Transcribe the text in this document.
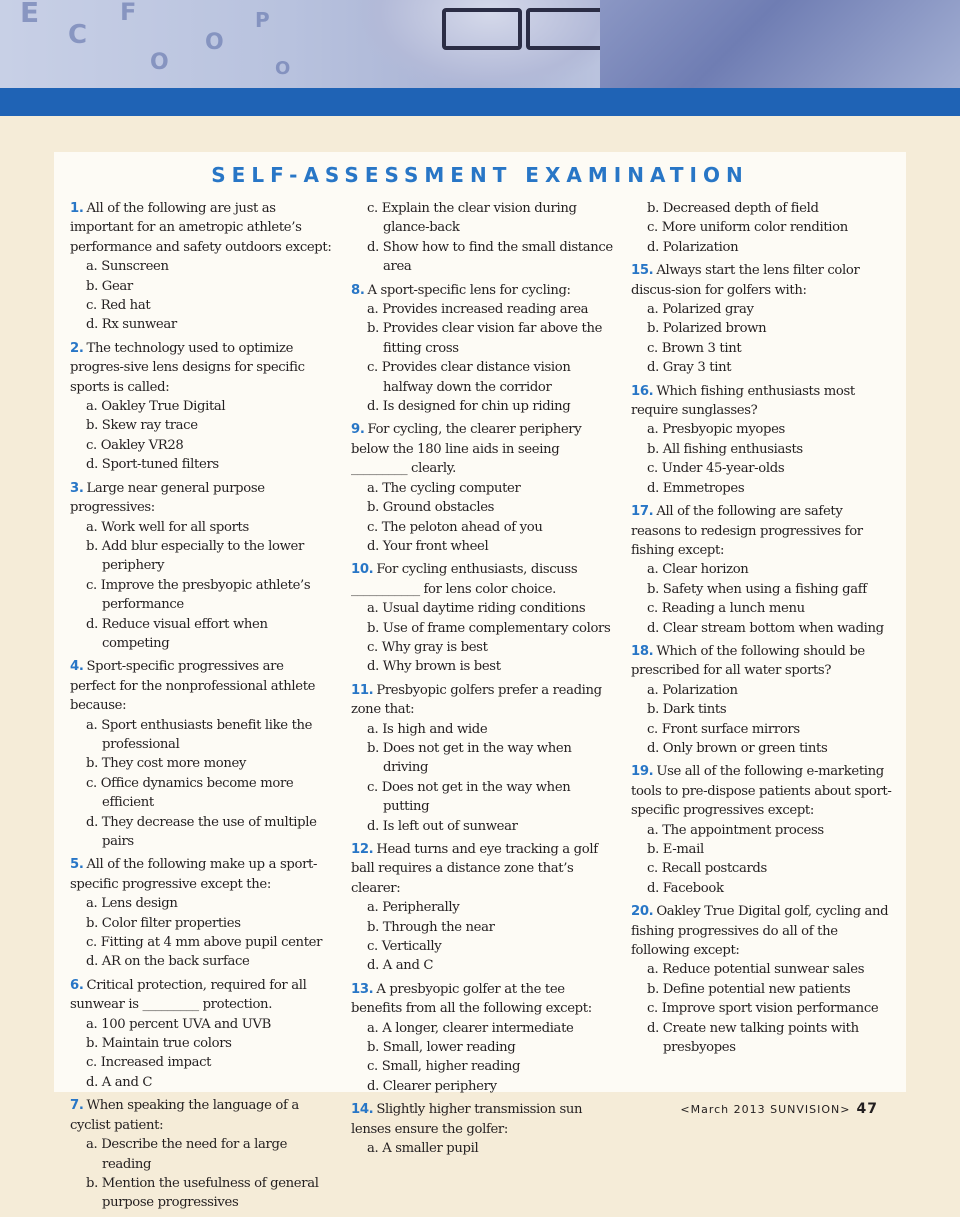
E
C
F
O
O
P
O
SELF-ASSESSMENT EXAMINATION
1. All of the following are just as important for an ametropic athlete’s performance and safety outdoors except:
a. Sunscreen
b. Gear
c. Red hat
d. Rx sunwear
2. The technology used to optimize progres-sive lens designs for specific sports is called:
a. Oakley True Digital
b. Skew ray trace
c. Oakley VR28
d. Sport-tuned filters
3. Large near general purpose progressives:
a. Work well for all sports
b. Add blur especially to the lower periphery
c. Improve the presbyopic athlete’s performance
d. Reduce visual effort when competing
4. Sport-specific progressives are perfect for the nonprofessional athlete because:
a. Sport enthusiasts benefit like the professional
b. They cost more money
c. Office dynamics become more efficient
d. They decrease the use of multiple pairs
5. All of the following make up a sport-specific progressive except the:
a. Lens design
b. Color filter properties
c. Fitting at 4 mm above pupil center
d. AR on the back surface
6. Critical protection, required for all sunwear is _________ protection.
a. 100 percent UVA and UVB
b. Maintain true colors
c. Increased impact
d. A and C
7. When speaking the language of a cyclist patient:
a. Describe the need for a large reading
b. Mention the usefulness of general purpose progressives
c. Explain the clear vision during glance-back
d. Show how to find the small distance area
8. A sport-specific lens for cycling:
a. Provides increased reading area
b. Provides clear vision far above the fitting cross
c. Provides clear distance vision halfway down the corridor
d. Is designed for chin up riding
9. For cycling, the clearer periphery below the 180 line aids in seeing _________ clearly.
a. The cycling computer
b. Ground obstacles
c. The peloton ahead of you
d. Your front wheel
10. For cycling enthusiasts, discuss ___________ for lens color choice.
a. Usual daytime riding conditions
b. Use of frame complementary colors
c. Why gray is best
d. Why brown is best
11. Presbyopic golfers prefer a reading zone that:
a. Is high and wide
b. Does not get in the way when driving
c. Does not get in the way when putting
d. Is left out of sunwear
12. Head turns and eye tracking a golf ball requires a distance zone that’s clearer:
a. Peripherally
b. Through the near
c. Vertically
d. A and C
13. A presbyopic golfer at the tee benefits from all the following except:
a. A longer, clearer intermediate
b. Small, lower reading
c. Small, higher reading
d. Clearer periphery
14. Slightly higher transmission sun lenses ensure the golfer:
a. A smaller pupil
b. Decreased depth of field
c. More uniform color rendition
d. Polarization
15. Always start the lens filter color discus-sion for golfers with:
a. Polarized gray
b. Polarized brown
c. Brown 3 tint
d. Gray 3 tint
16. Which fishing enthusiasts most require sunglasses?
a. Presbyopic myopes
b. All fishing enthusiasts
c. Under 45-year-olds
d. Emmetropes
17. All of the following are safety reasons to redesign progressives for fishing except:
a. Clear horizon
b. Safety when using a fishing gaff
c. Reading a lunch menu
d. Clear stream bottom when wading
18. Which of the following should be prescribed for all water sports?
a. Polarization
b. Dark tints
c. Front surface mirrors
d. Only brown or green tints
19. Use all of the following e-marketing tools to pre-dispose patients about sport-specific progressives except:
a. The appointment process
b. E-mail
c. Recall postcards
d. Facebook
20. Oakley True Digital golf, cycling and fishing progressives do all of the following except:
a. Reduce potential sunwear sales
b. Define potential new patients
c. Improve sport vision performance
d. Create new talking points with presbyopes
<March 2013 SUNVISION> 47
